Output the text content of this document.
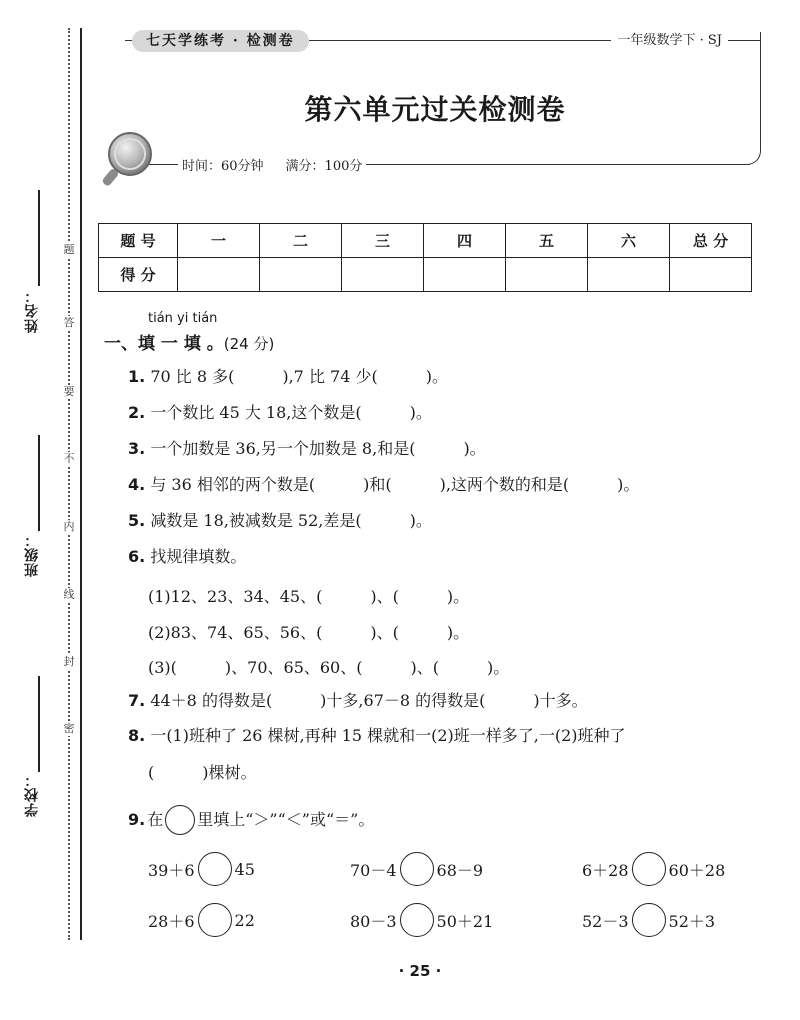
题
答
要
不
内
线
封
密
姓名：
班级：
学校：
七天学练考 · 检测卷	一年级数学下 · SJ
第六单元过关检测卷
时间：60分钟 满分：100分
题 号	一	二	三	四	五	六	总 分
得 分							
tián yi tián
一、填 一 填 。(24 分)
1. 70 比 8 多(　　　),7 比 74 少(　　　)。
2. 一个数比 45 大 18,这个数是(　　　)。
3. 一个加数是 36,另一个加数是 8,和是(　　　)。
4. 与 36 相邻的两个数是(　　　)和(　　　),这两个数的和是(　　　)。
5. 减数是 18,被减数是 52,差是(　　　)。
6. 找规律填数。
(1)12、23、34、45、(　　　)、(　　　)。
(2)83、74、65、56、(　　　)、(　　　)。
(3)(　　　)、70、65、60、(　　　)、(　　　)。
7. 44＋8 的得数是(　　　)十多,67－8 的得数是(　　　)十多。
8. 一(1)班种了 26 棵树,再种 15 棵就和一(2)班一样多了,一(2)班种了
(　　　)棵树。
9. 在 里填上“＞”“＜”或“＝”。
39＋6	45	70－4	68－9	6＋28	60＋28
28＋6	22	80－3	50＋21	52－3	52＋3
· 25 ·
